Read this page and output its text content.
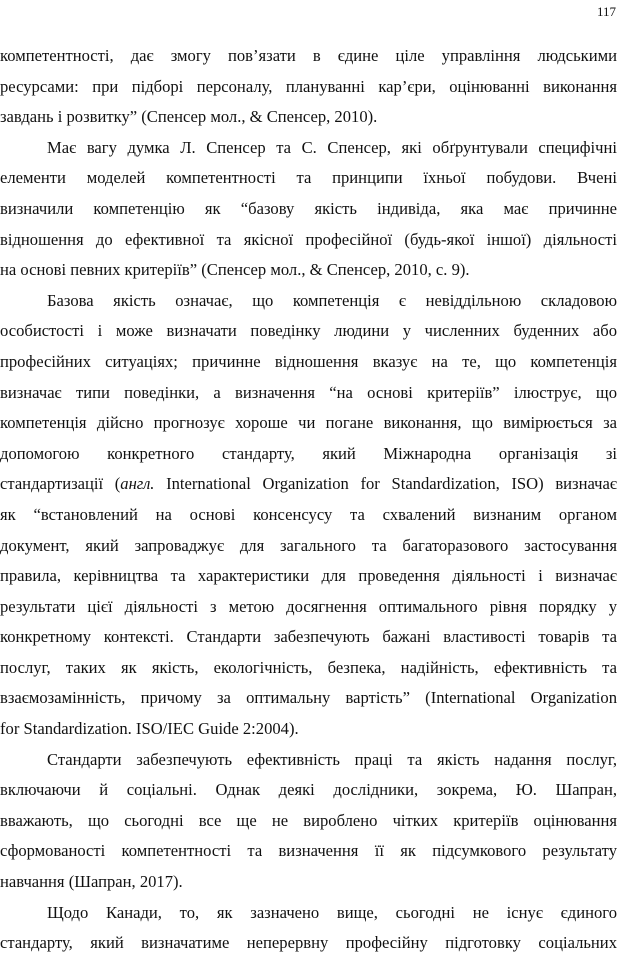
117
компетентності, дає змогу пов’язати в єдине ціле управління людськими
ресурсами: при підборі персоналу, плануванні кар’єри, оцінюванні виконання
завдань і розвитку” (Спенсер мол., & Спенсер, 2010).
Має вагу думка Л. Спенсер та С. Спенсер, які обґрунтували специфічні
елементи моделей компетентності та принципи їхньої побудови. Вчені
визначили компетенцію як “базову якість індивіда, яка має причинне
відношення до ефективної та якісної професійної (будь-якої іншої) діяльності
на основі певних критеріїв” (Спенсер мол., & Спенсер, 2010, с. 9).
Базова якість означає, що компетенція є невіддільною складовою
особистості і може визначати поведінку людини у численних буденних або
професійних ситуаціях; причинне відношення вказує на те, що компетенція
визначає типи поведінки, а визначення “на основі критеріїв” ілюструє, що
компетенція дійсно прогнозує хороше чи погане виконання, що вимірюється за
допомогою конкретного стандарту, який Міжнародна організація зі
стандартизації (англ. International Organization for Standardization, ISO) визначає
як “встановлений на основі консенсусу та схвалений визнаним органом
документ, який запроваджує для загального та багаторазового застосування
правила, керівництва та характеристики для проведення діяльності і визначає
результати цієї діяльності з метою досягнення оптимального рівня порядку у
конкретному контексті. Стандарти забезпечують бажані властивості товарів та
послуг, таких як якість, екологічність, безпека, надійність, ефективність та
взаємозамінність, причому за оптимальну вартість” (International Organization
for Standardization. ISO/IEC Guide 2:2004).
Стандарти забезпечують ефективність праці та якість надання послуг,
включаючи й соціальні. Однак деякі дослідники, зокрема, Ю. Шапран,
вважають, що сьогодні все ще не вироблено чітких критеріїв оцінювання
сформованості компетентності та визначення її як підсумкового результату
навчання (Шапран, 2017).
Щодо Канади, то, як зазначено вище, сьогодні не існує єдиного
стандарту, який визначатиме неперервну професійну підготовку соціальних
